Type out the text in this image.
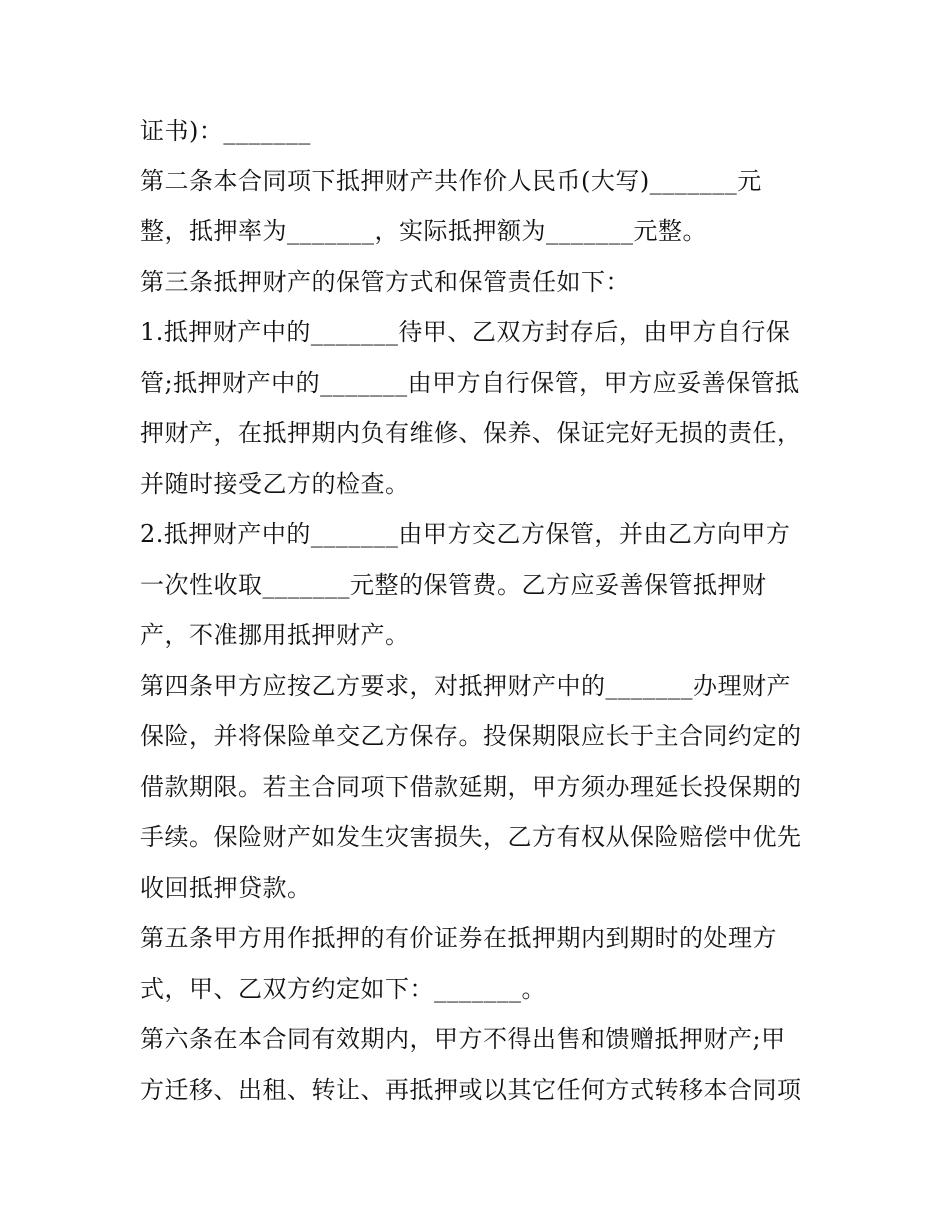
证书)：_______
第二条本合同项下抵押财产共作价人民币(大写)_______元
整，抵押率为_______，实际抵押额为_______元整。
第三条抵押财产的保管方式和保管责任如下：
1.抵押财产中的_______待甲、乙双方封存后，由甲方自行保
管;抵押财产中的_______由甲方自行保管，甲方应妥善保管抵
押财产，在抵押期内负有维修、保养、保证完好无损的责任，
并随时接受乙方的检查。
2.抵押财产中的_______由甲方交乙方保管，并由乙方向甲方
一次性收取_______元整的保管费。乙方应妥善保管抵押财
产，不准挪用抵押财产。
第四条甲方应按乙方要求，对抵押财产中的_______办理财产
保险，并将保险单交乙方保存。投保期限应长于主合同约定的
借款期限。若主合同项下借款延期，甲方须办理延长投保期的
手续。保险财产如发生灾害损失，乙方有权从保险赔偿中优先
收回抵押贷款。
第五条甲方用作抵押的有价证券在抵押期内到期时的处理方
式，甲、乙双方约定如下：_______。
第六条在本合同有效期内，甲方不得出售和馈赠抵押财产;甲
方迁移、出租、转让、再抵押或以其它任何方式转移本合同项
